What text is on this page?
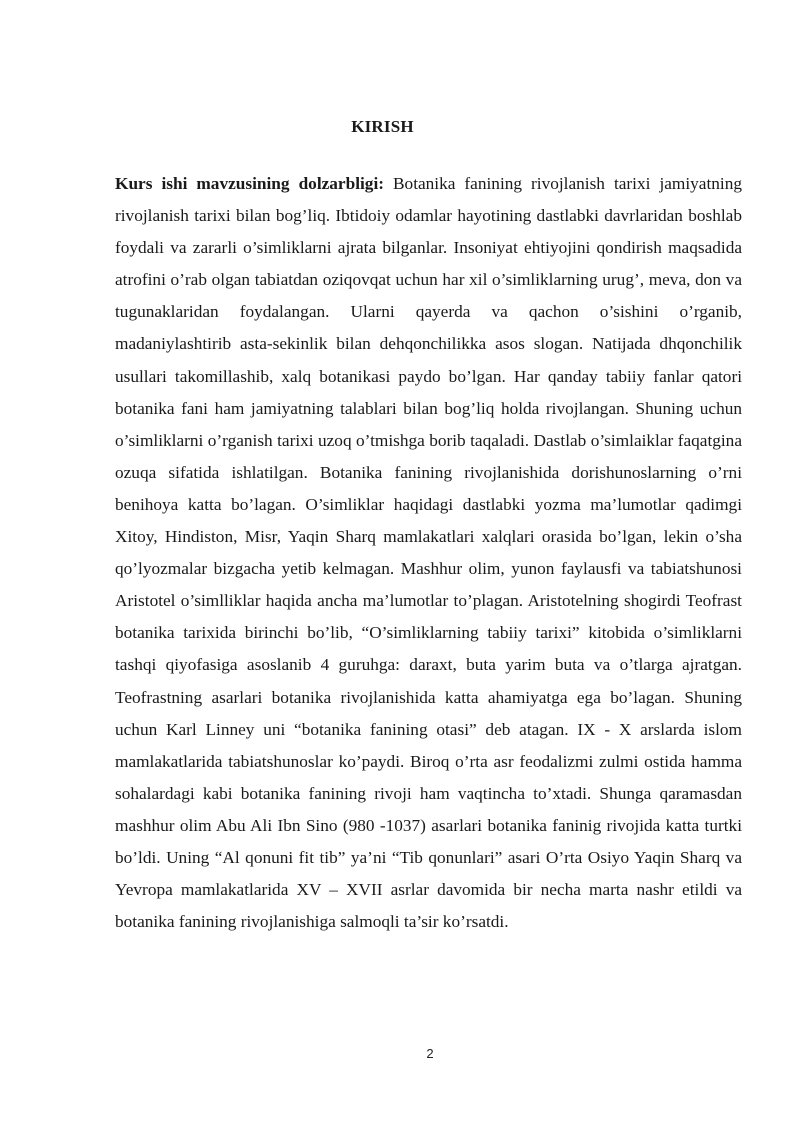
KIRISH

Kurs ishi mavzusining dolzarbligi: Botanika fanining rivojlanish tarixi jamiyatning rivojlanish tarixi bilan bog’liq. Ibtidoiy odamlar hayotining dastlabki davrlaridan boshlab foydali va zararli o’simliklarni ajrata bilganlar. Insoniyat ehtiyojini qondirish maqsadida atrofini o’rab olgan tabiatdan oziqovqat uchun har xil o’simliklarning urug’, meva, don va tugunaklaridan foydalangan. Ularni qayerda va qachon o’sishini o’rganib, madaniylashtirib asta-sekinlik bilan dehqonchilikka asos slogan. Natijada dhqonchilik usullari takomillashib, xalq botanikasi paydo bo’lgan. Har qanday tabiiy fanlar qatori botanika fani ham jamiyatning talablari bilan bog’liq holda rivojlangan. Shuning uchun o’simliklarni o’rganish tarixi uzoq o’tmishga borib taqaladi. Dastlab o’simlaiklar faqatgina ozuqa sifatida ishlatilgan. Botanika fanining rivojlanishida dorishunoslarning o’rni benihoya katta bo’lagan. O’simliklar haqidagi dastlabki yozma ma’lumotlar qadimgi Xitoy, Hindiston, Misr, Yaqin Sharq mamlakatlari xalqlari orasida bo’lgan, lekin o’sha qo’lyozmalar bizgacha yetib kelmagan. Mashhur olim, yunon faylausfi va tabiatshunosi Aristotel o’simlliklar haqida ancha ma’lumotlar to’plagan. Aristotelning shogirdi Teofrast botanika tarixida birinchi bo’lib, “O’simliklarning tabiiy tarixi” kitobida o’simliklarni tashqi qiyofasiga asoslanib 4 guruhga: daraxt, buta yarim buta va o’tlarga ajratgan. Teofrastning asarlari botanika rivojlanishida katta ahamiyatga ega bo’lagan. Shuning uchun Karl Linney uni “botanika fanining otasi” deb atagan. IX - X arslarda islom mamlakatlarida tabiatshunoslar ko’paydi. Biroq o’rta asr feodalizmi zulmi ostida hamma sohalardagi kabi botanika fanining rivoji ham vaqtincha to’xtadi. Shunga qaramasdan mashhur olim Abu Ali Ibn Sino (980 -1037) asarlari botanika faninig rivojida katta turtki bo’ldi. Uning “Al qonuni fit tib” ya’ni “Tib qonunlari” asari O’rta Osiyo Yaqin Sharq va Yevropa mamlakatlarida XV – XVII asrlar davomida bir necha marta nashr etildi va botanika fanining rivojlanishiga salmoqli ta’sir ko’rsatdi.

2
